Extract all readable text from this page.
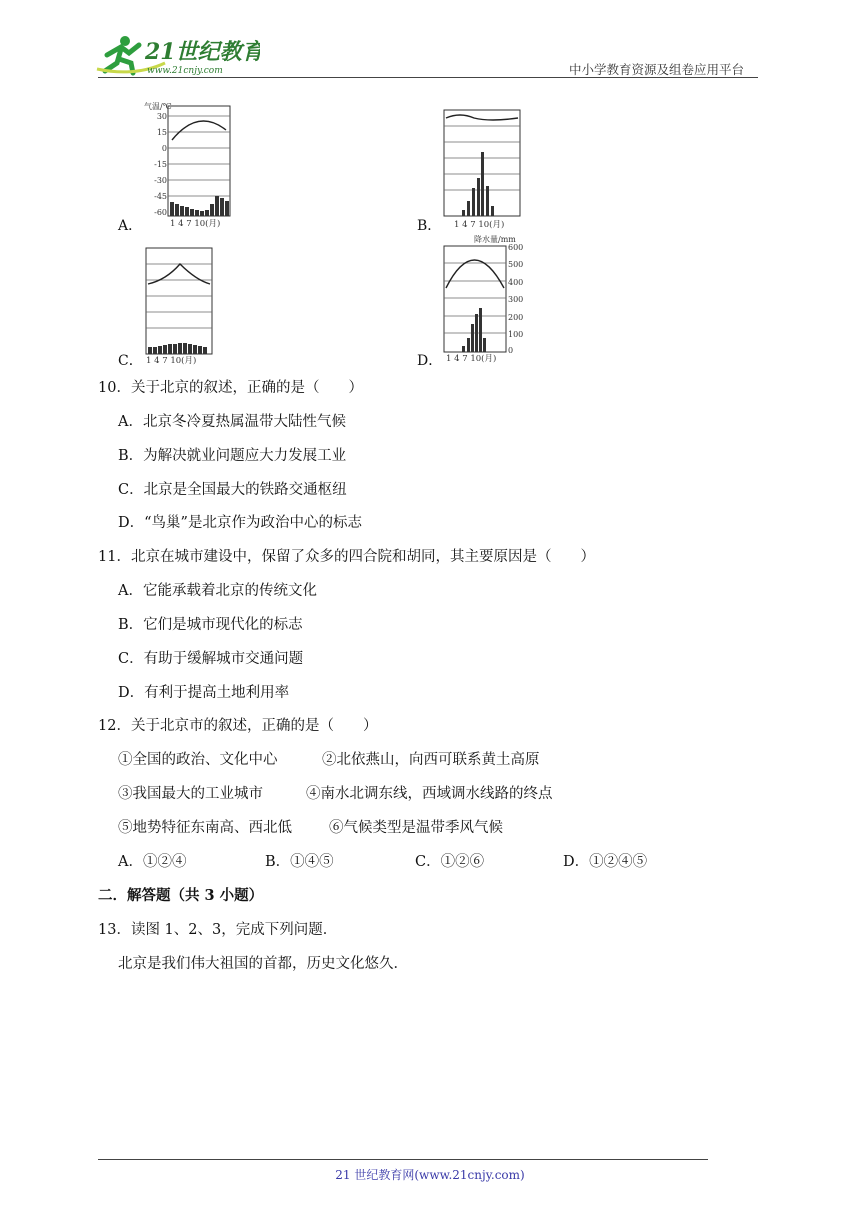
21世纪教育
www.21cnjy.com	中小学教育资源及组卷应用平台
A．
气温/℃
30
15
0
-15
-30
-45
-60
1 4 7 10(月)	B． 1 4 7 10(月)
C． 1 4 7 10(月)	D．
降水量/mm
600
500
400
300
200
100
0
1 4 7 10(月)
10．关于北京的叙述，正确的是（　　）
A．北京冬冷夏热属温带大陆性气候
B．为解决就业问题应大力发展工业
C．北京是全国最大的铁路交通枢纽
D．“鸟巢”是北京作为政治中心的标志
11．北京在城市建设中，保留了众多的四合院和胡同，其主要原因是（　　）
A．它能承载着北京的传统文化
B．它们是城市现代化的标志
C．有助于缓解城市交通问题
D．有利于提高土地利用率
12．关于北京市的叙述，正确的是（　　）
①全国的政治、文化中心	②北依燕山，向西可联系黄土高原
③我国最大的工业城市	④南水北调东线，西域调水线路的终点
⑤地势特征东南高、西北低	⑥气候类型是温带季风气候
A．①②④	B．①④⑤	C．①②⑥	D．①②④⑤
二．解答题（共 3 小题）
13．读图 1、2、3，完成下列问题．
北京是我们伟大祖国的首都，历史文化悠久．
21 世纪教育网(www.21cnjy.com)
